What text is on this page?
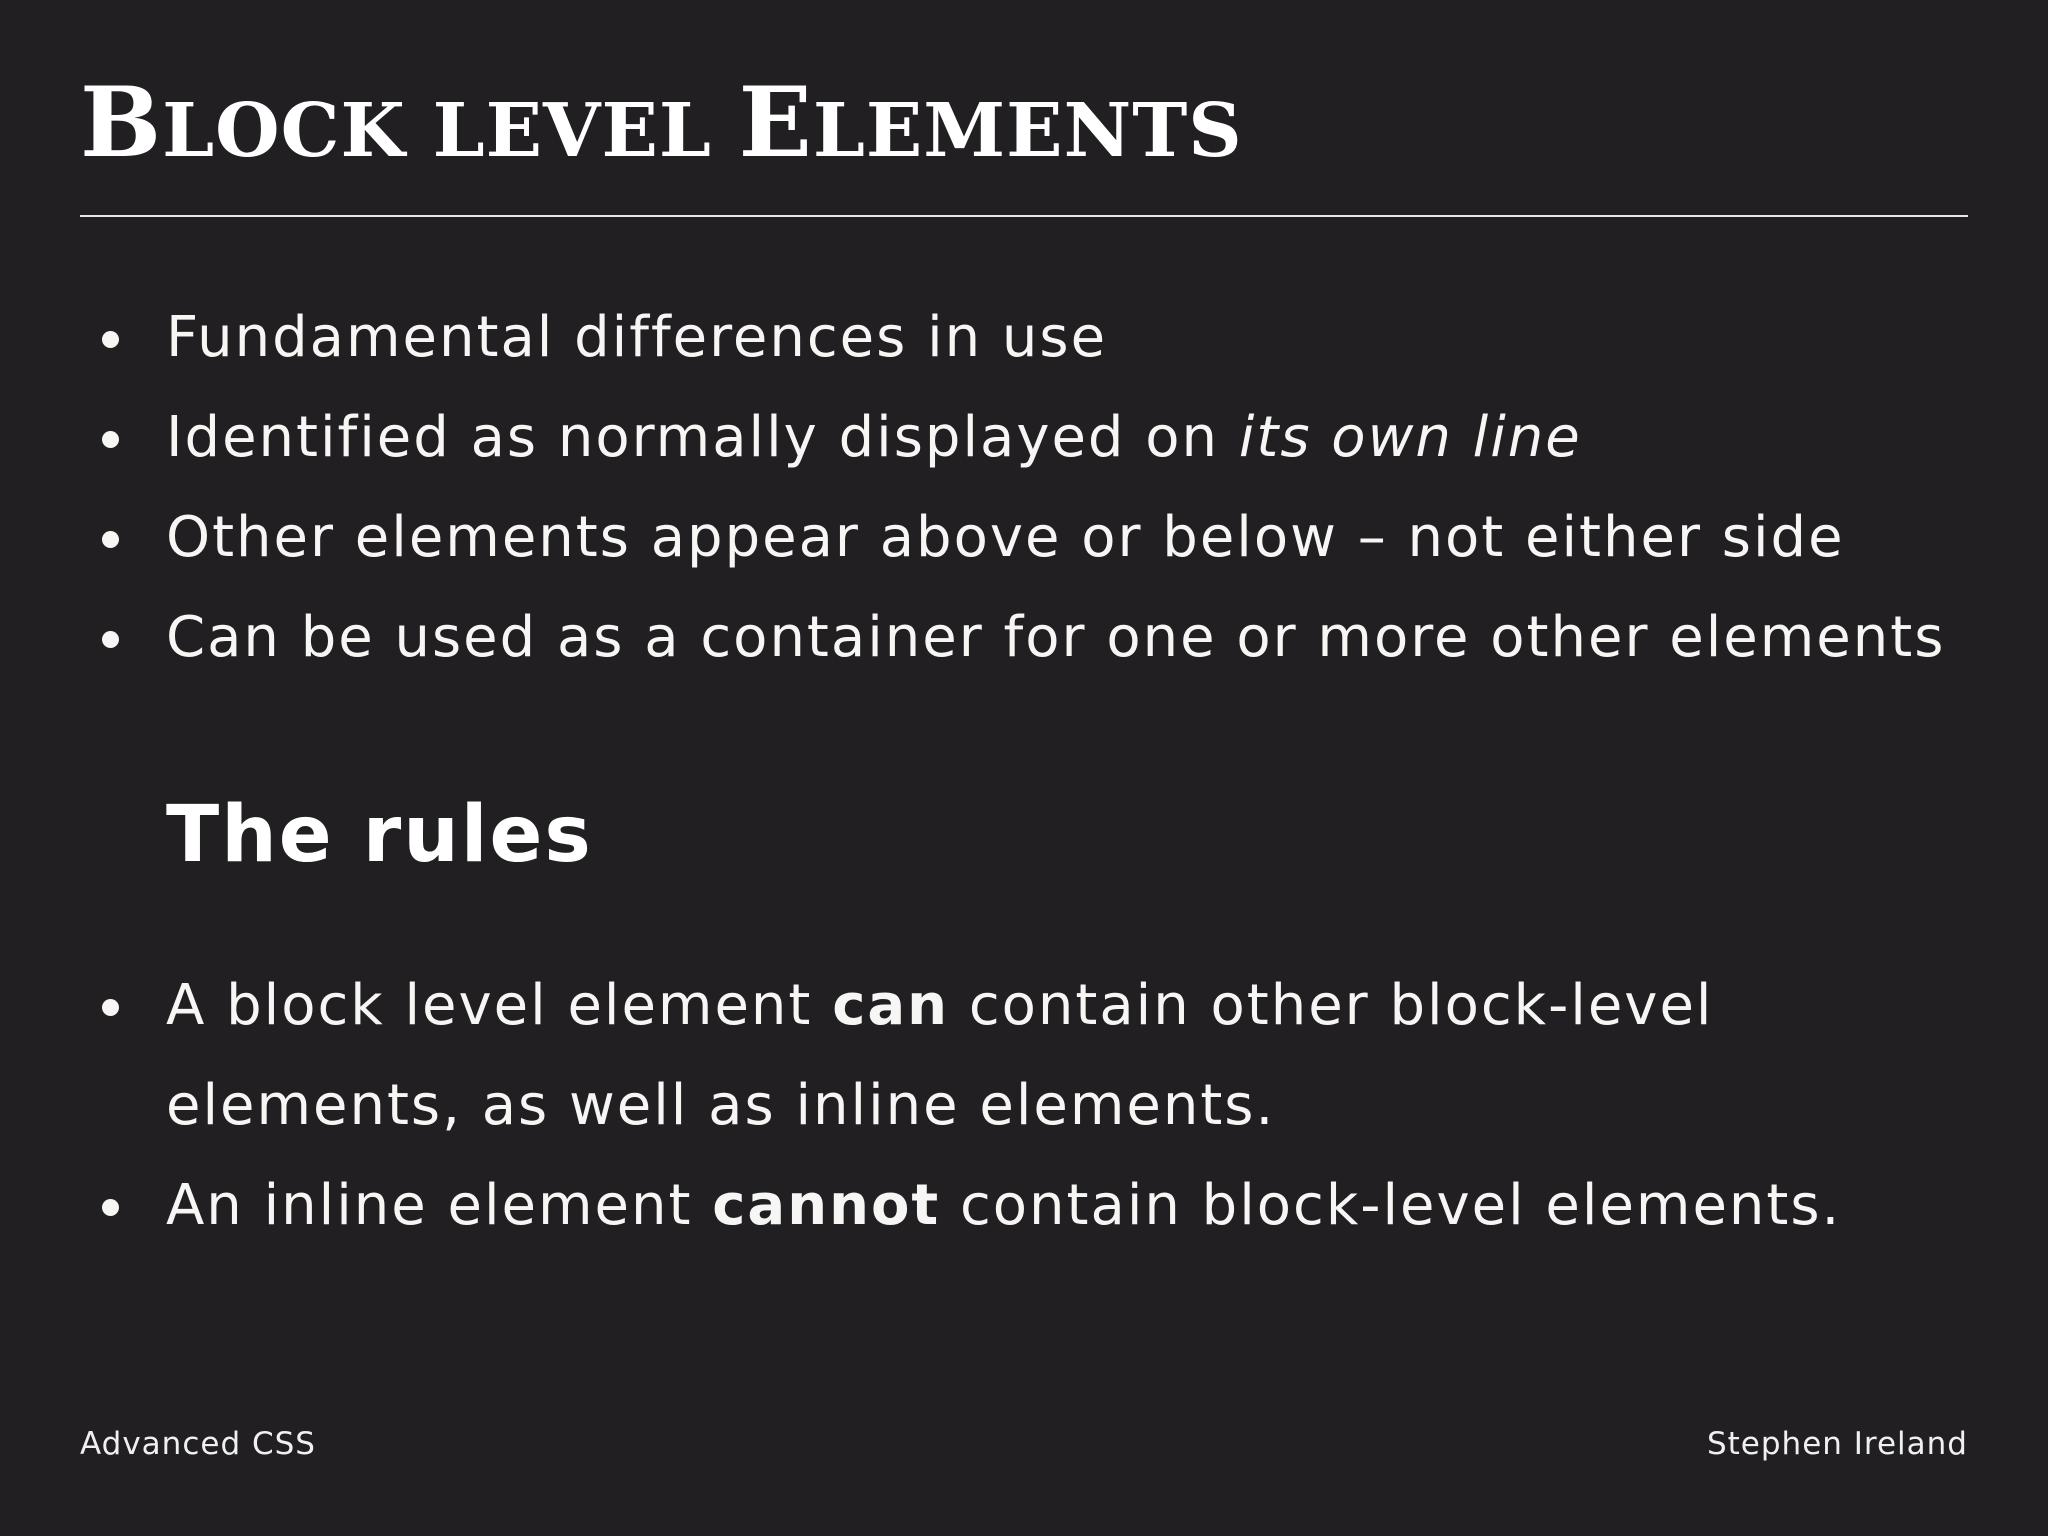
BLOCK LEVEL ELEMENTS
Fundamental differences in use
Identified as normally displayed on its own line
Other elements appear above or below – not either side
Can be used as a container for one or more other elements
The rules
A block level element can contain other block-level elements, as well as inline elements.
An inline element cannot contain block-level elements.
Advanced CSS	Stephen Ireland
